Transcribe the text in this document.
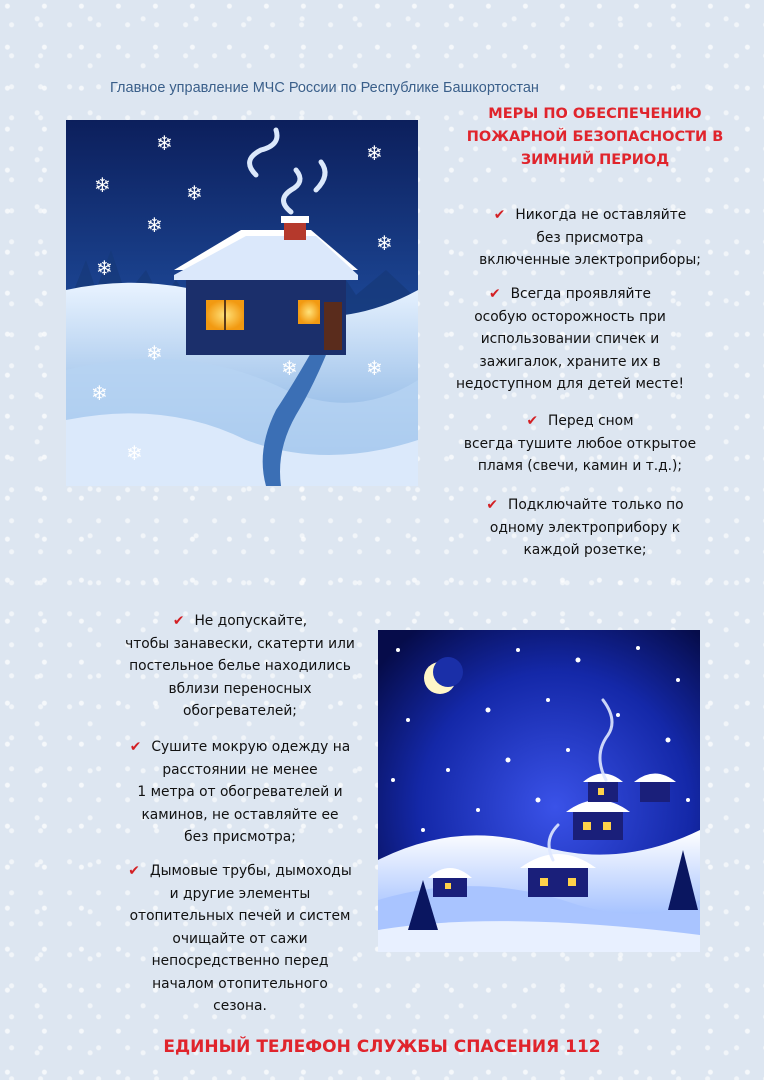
Главное управление МЧС России по Республике Башкортостан
МЕРЫ ПО ОБЕСПЕЧЕНИЮ
ПОЖАРНОЙ БЕЗОПАСНОСТИ В
ЗИМНИЙ ПЕРИОД
❄
❄
❄
❄
❄
❄
❄
❄
❄
❄
❄
❄
✔ Никогда не оставляйте
без присмотра
включенные электроприборы;
✔ Всегда проявляйте
особую осторожность при
использовании спичек и
зажигалок, храните их в
недоступном для детей месте!
✔ Перед сном
всегда тушите любое открытое
пламя (свечи, камин и т.д.);
✔ Подключайте только по
одному электроприбору к
каждой розетке;
✔ Не допускайте,
чтобы занавески, скатерти или
постельное белье находились
вблизи переносных
обогревателей;
✔ Сушите мокрую одежду на
расстоянии не менее
1 метра от обогревателей и
каминов, не оставляйте ее
без присмотра;
✔ Дымовые трубы, дымоходы
и другие элементы
отопительных печей и систем
очищайте от сажи
непосредственно перед
началом отопительного
сезона.
ЕДИНЫЙ ТЕЛЕФОН СЛУЖБЫ СПАСЕНИЯ 112
